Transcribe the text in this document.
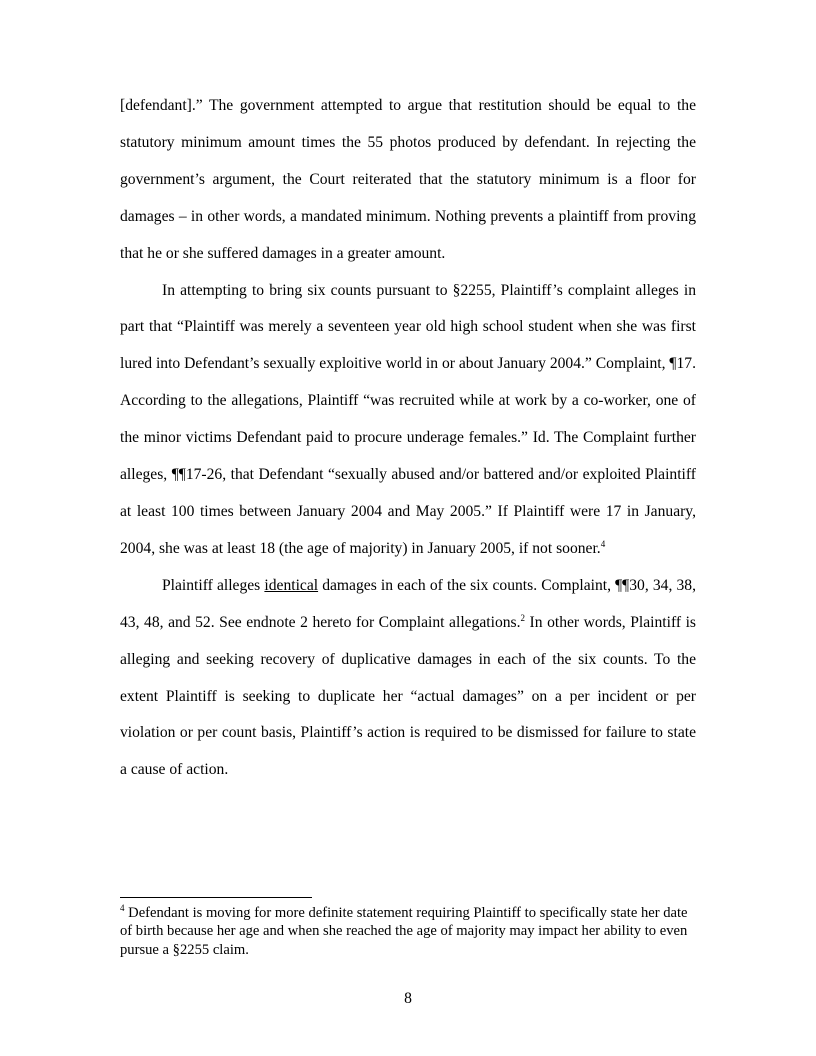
[defendant].” The government attempted to argue that restitution should be equal to the statutory minimum amount times the 55 photos produced by defendant. In rejecting the government’s argument, the Court reiterated that the statutory minimum is a floor for damages – in other words, a mandated minimum. Nothing prevents a plaintiff from proving that he or she suffered damages in a greater amount.

In attempting to bring six counts pursuant to §2255, Plaintiff’s complaint alleges in part that “Plaintiff was merely a seventeen year old high school student when she was first lured into Defendant’s sexually exploitive world in or about January 2004.” Complaint, ¶17. According to the allegations, Plaintiff “was recruited while at work by a co-worker, one of the minor victims Defendant paid to procure underage females.” Id. The Complaint further alleges, ¶¶17-26, that Defendant “sexually abused and/or battered and/or exploited Plaintiff at least 100 times between January 2004 and May 2005.” If Plaintiff were 17 in January, 2004, she was at least 18 (the age of majority) in January 2005, if not sooner.$^4$

Plaintiff alleges identical damages in each of the six counts. Complaint, ¶¶30, 34, 38, 43, 48, and 52. See endnote 2 hereto for Complaint allegations.$^2$ In other words, Plaintiff is alleging and seeking recovery of duplicative damages in each of the six counts. To the extent Plaintiff is seeking to duplicate her “actual damages” on a per incident or per violation or per count basis, Plaintiff’s action is required to be dismissed for failure to state a cause of action.

$^4$ Defendant is moving for more definite statement requiring Plaintiff to specifically state her date of birth because her age and when she reached the age of majority may impact her ability to even pursue a §2255 claim.

8
